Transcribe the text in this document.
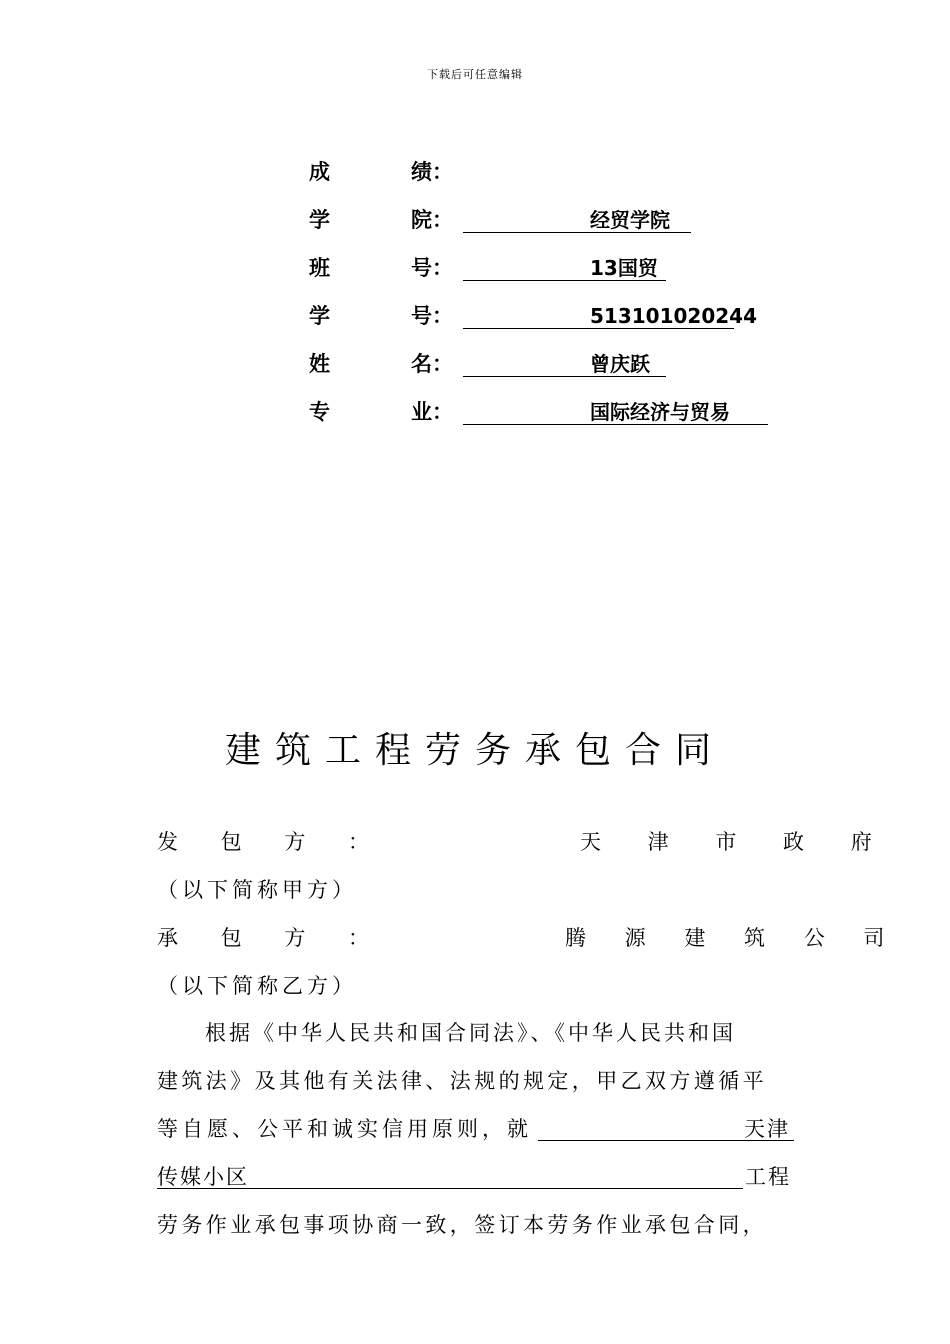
下载后可任意编辑
成	绩：
学	院：	经贸学院
班	号：	13国贸
学	号：	513101020244
姓	名：	曾庆跃
专	业：	国际经济与贸易
建筑工程劳务承包合同
发 包 方 ：	天 津 市 政 府
（以下简称甲方）
承 包 方 ：	腾 源 建 筑 公 司
（以下简称乙方）
根据《中华人民共和国合同法》、《中华人民共和国
建筑法》及其他有关法律、法规的规定，甲乙双方遵循平
等自愿、公平和诚实信用原则，就	天津
传媒小区	工程
劳务作业承包事项协商一致，签订本劳务作业承包合同，
